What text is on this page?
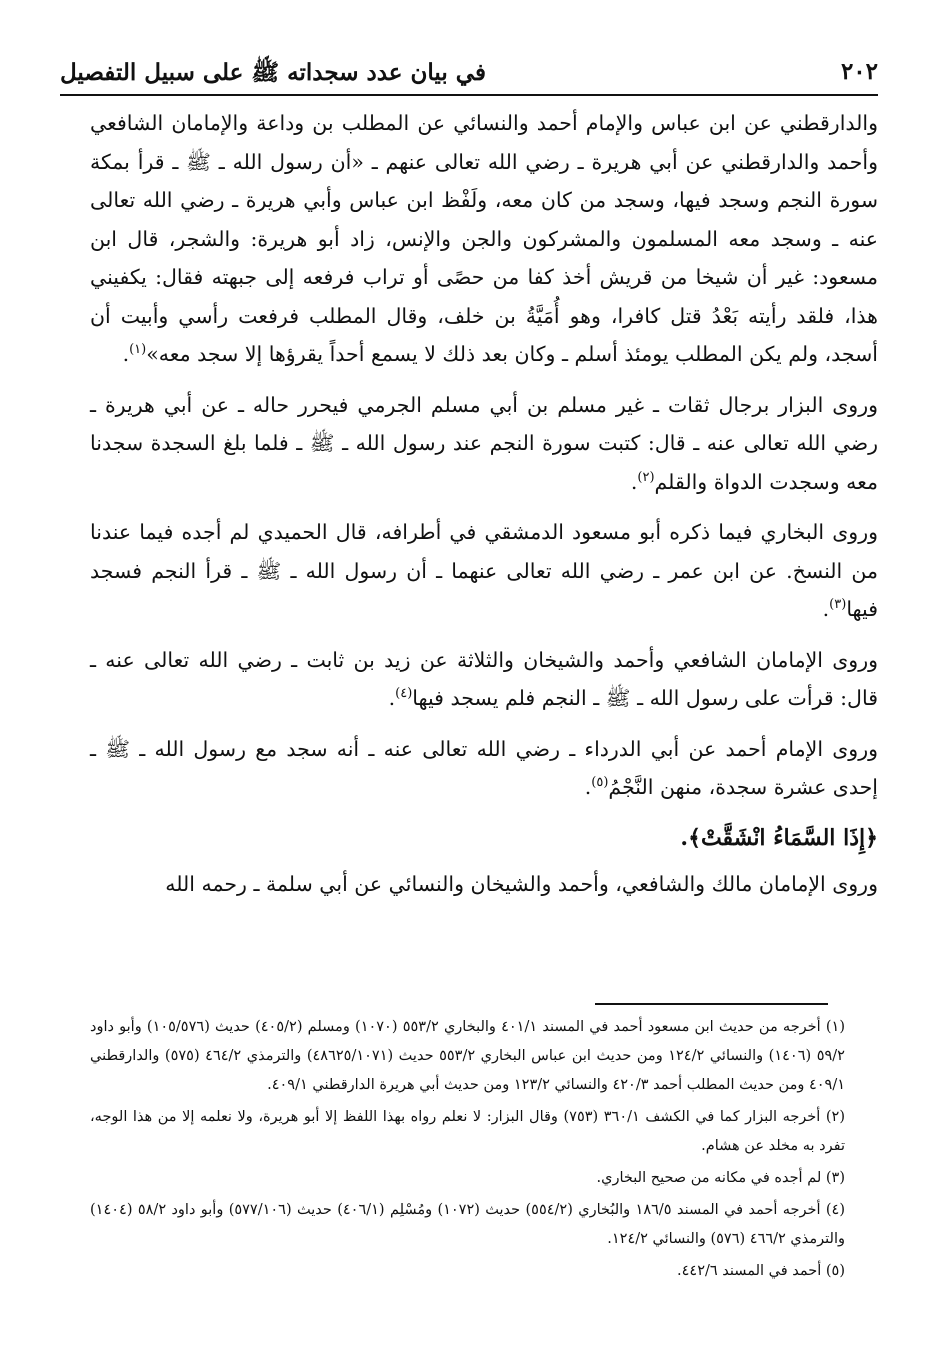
٢٠٢
في بيان عدد سجداته ﷺ على سبيل التفصيل

والدارقطني عن ابن عباس والإمام أحمد والنسائي عن المطلب بن وداعة والإمامان الشافعي وأحمد والدارقطني عن أبي هريرة ـ رضي الله تعالى عنهم ـ «أن رسول الله ـ ﷺ ـ قرأ بمكة سورة النجم وسجد فيها، وسجد من كان معه، ولَفْظ ابن عباس وأبي هريرة ـ رضي الله تعالى عنه ـ وسجد معه المسلمون والمشركون والجن والإنس، زاد أبو هريرة: والشجر، قال ابن مسعود: غير أن شيخا من قريش أخذ كفا من حصًى أو تراب فرفعه إلى جبهته فقال: يكفيني هذا، فلقد رأيته بَعْدُ قتل كافرا، وهو أُمَيَّةُ بن خلف، وقال المطلب فرفعت رأسي وأبيت أن أسجد، ولم يكن المطلب يومئذ أسلم ـ وكان بعد ذلك لا يسمع أحداً يقرؤها إلا سجد معه»$^{(١)}$.

وروى البزار برجال ثقات ـ غير مسلم بن أبي مسلم الجرمي فيحرر حاله ـ عن أبي هريرة ـ رضي الله تعالى عنه ـ قال: كتبت سورة النجم عند رسول الله ـ ﷺ ـ فلما بلغ السجدة سجدنا معه وسجدت الدواة والقلم$^{(٢)}$.

وروى البخاري فيما ذكره أبو مسعود الدمشقي في أطرافه، قال الحميدي لم أجده فيما عندنا من النسخ. عن ابن عمر ـ رضي الله تعالى عنهما ـ أن رسول الله ـ ﷺ ـ قرأ النجم فسجد فيها$^{(٣)}$.

وروى الإمامان الشافعي وأحمد والشيخان والثلاثة عن زيد بن ثابت ـ رضي الله تعالى عنه ـ قال: قرأت على رسول الله ـ ﷺ ـ النجم فلم يسجد فيها$^{(٤)}$.

وروى الإمام أحمد عن أبي الدرداء ـ رضي الله تعالى عنه ـ أنه سجد مع رسول الله ـ ﷺ ـ إحدى عشرة سجدة، منهن النَّجْمُ$^{(٥)}$.

﴿إِذَا السَّمَاءُ انْشَقَّتْ﴾.

وروى الإمامان مالك والشافعي، وأحمد والشيخان والنسائي عن أبي سلمة ـ رحمه الله

(١) أخرجه من حديث ابن مسعود أحمد في المسند ٤٠١/١ والبخاري ٥٥٣/٢ (١٠٧٠) ومسلم (٤٠٥/٢) حديث (١٠٥/٥٧٦) وأبو داود ٥٩/٢ (١٤٠٦) والنسائي ١٢٤/٢ ومن حديث ابن عباس البخاري ٥٥٣/٢ حديث (٤٨٦٢٥/١٠٧١) والترمذي ٤٦٤/٢ (٥٧٥) والدارقطني ٤٠٩/١ ومن حديث المطلب أحمد ٤٢٠/٣ والنسائي ١٢٣/٢ ومن حديث أبي هريرة الدارقطني ٤٠٩/١.

(٢) أخرجه البزار كما في الكشف ٣٦٠/١ (٧٥٣) وقال البزار: لا نعلم رواه بهذا اللفظ إلا أبو هريرة، ولا نعلمه إلا من هذا الوجه، تفرد به مخلد عن هشام.

(٣) لم أجده في مكانه من صحيح البخاري.

(٤) أخرجه أحمد في المسند ١٨٦/٥ والبُخاري (٥٥٤/٢) حديث (١٠٧٢) ومُسْلِم (٤٠٦/١) حديث (٥٧٧/١٠٦) وأبو داود ٥٨/٢ (١٤٠٤) والترمذي ٤٦٦/٢ (٥٧٦) والنسائي ١٢٤/٢.

(٥) أحمد في المسند ٤٤٢/٦.
